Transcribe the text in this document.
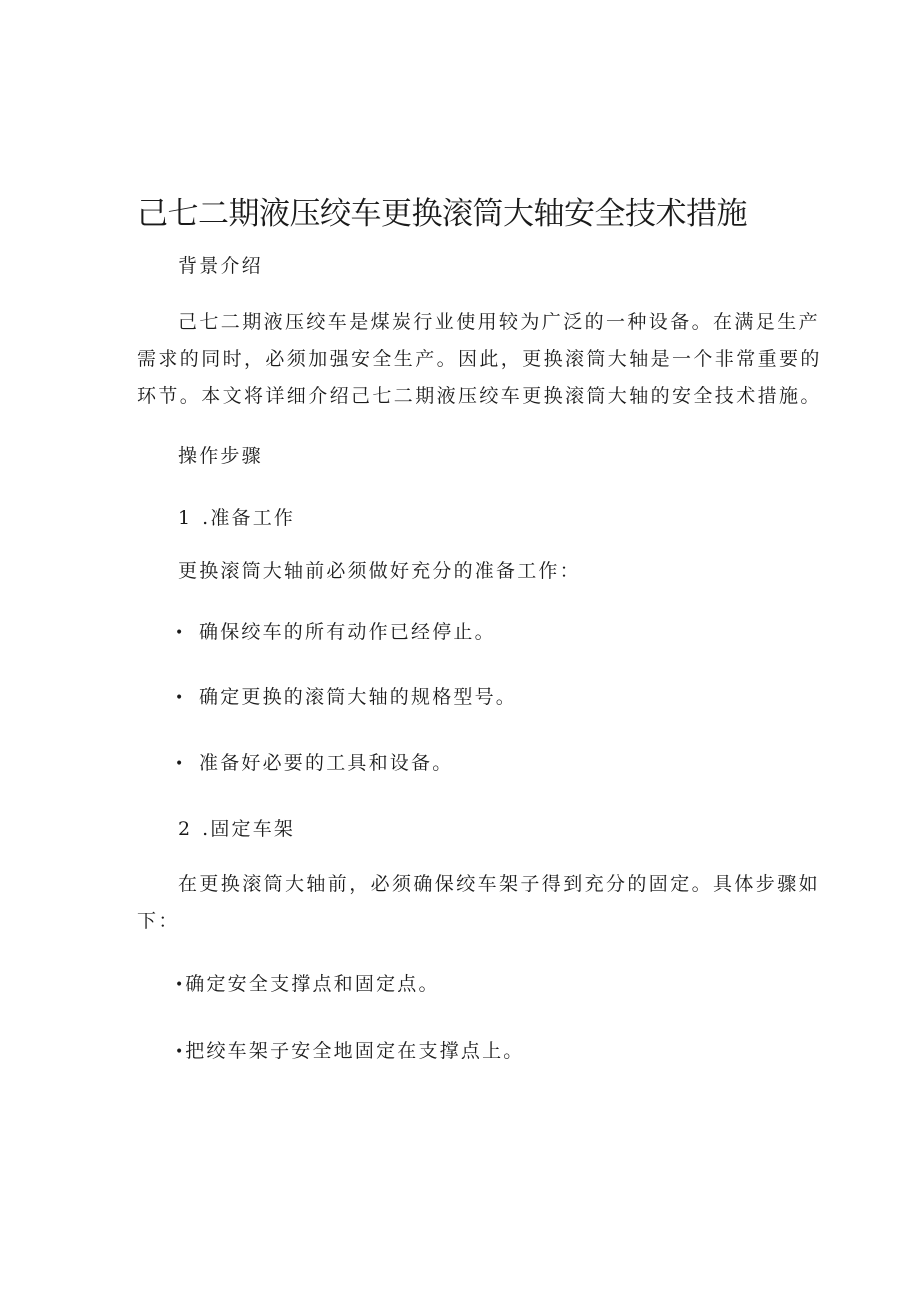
己七二期液压绞车更换滚筒大轴安全技术措施

背景介绍

己七二期液压绞车是煤炭行业使用较为广泛的一种设备。在满足生产
需求的同时，必须加强安全生产。因此，更换滚筒大轴是一个非常重要的
环节。本文将详细介绍己七二期液压绞车更换滚筒大轴的安全技术措施。

操作步骤

1 .准备工作

更换滚筒大轴前必须做好充分的准备工作：

• 确保绞车的所有动作已经停止。

• 确定更换的滚筒大轴的规格型号。

• 准备好必要的工具和设备。

2 .固定车架

在更换滚筒大轴前，必须确保绞车架子得到充分的固定。具体步骤如
下：

• 确定安全支撑点和固定点。

• 把绞车架子安全地固定在支撑点上。
